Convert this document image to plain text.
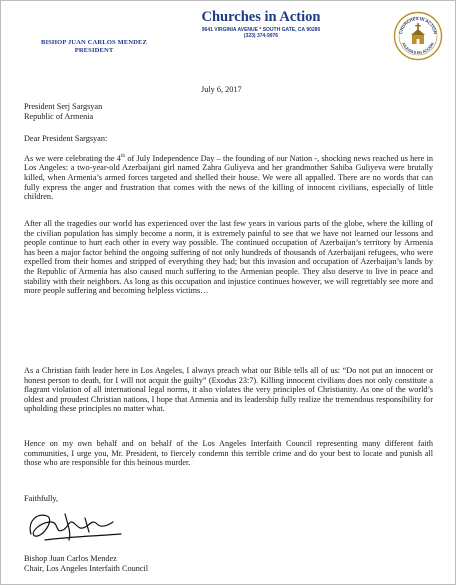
BISHOP JUAN CARLOS MENDEZ
PRESIDENT
Churches in Action
9641 VIRGINIA AVENUE * SOUTH GATE, CA 90280
(323) 374-9976
CHURCHES IN ACTION
IGLESIAS EN ACCION
July 6, 2017
President Serj Sargsyan
Republic of Armenia
Dear President Sargsyan:

As we were celebrating the 4th of July Independence Day – the founding of our Nation -, shocking news reached us here in Los Angeles: a two-year-old Azerbaijani girl named Zahra Guliyeva and her grandmother Sahiba Guliyeva were brutally killed, when Armenia’s armed forces targeted and shelled their house. We were all appalled. There are no words that can fully express the anger and frustration that comes with the news of the killing of innocent civilians, especially of little children.

After all the tragedies our world has experienced over the last few years in various parts of the globe, where the killing of the civilian population has simply become a norm, it is extremely painful to see that we have not learned our lessons and people continue to hurt each other in every way possible. The continued occupation of Azerbaijan’s territory by Armenia has been a major factor behind the ongoing suffering of not only hundreds of thousands of Azerbaijani refugees, who were expelled from their homes and stripped of everything they had; but this invasion and occupation of Azerbaijan’s lands by the Republic of Armenia has also caused much suffering to the Armenian people. They also deserve to live in peace and stability with their neighbors. As long as this occupation and injustice continues however, we will regrettably see more and more people suffering and becoming helpless victims…

As a Christian faith leader here in Los Angeles, I always preach what our Bible tells all of us: “Do not put an innocent or honest person to death, for I will not acquit the guilty” (Exodus 23:7). Killing innocent civilians does not only constitute a flagrant violation of all international legal norms, it also violates the very principles of Christianity. As one of the world’s oldest and proudest Christian nations, I hope that Armenia and its leadership fully realize the tremendous responsibility for upholding these principles no matter what.

Hence on my own behalf and on behalf of the Los Angeles Interfaith Council representing many different faith communities, I urge you, Mr. President, to fiercely condemn this terrible crime and do your best to locate and punish all those who are responsible for this heinous murder.

Faithfully,
Bishop Juan Carlos Mendez
Chair, Los Angeles Interfaith Council
